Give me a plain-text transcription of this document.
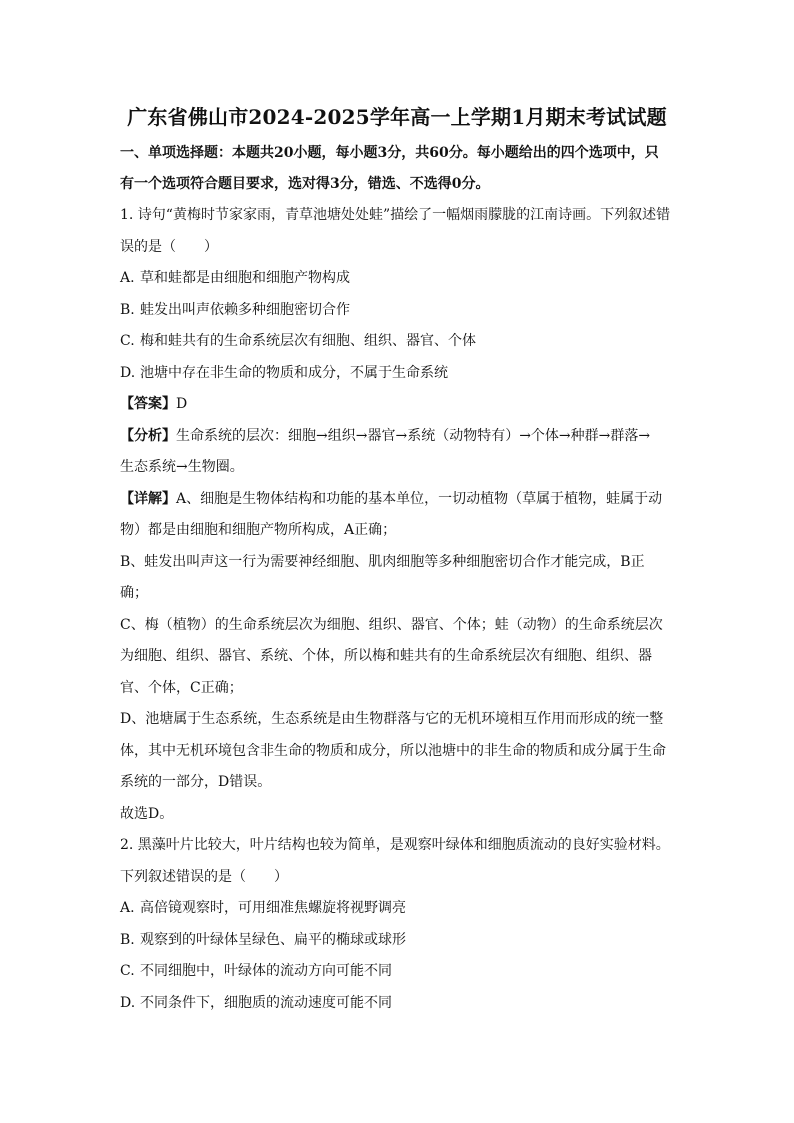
广东省佛山市2024-2025学年高一上学期1月期末考试试题
一、单项选择题：本题共20小题，每小题3分，共60分。每小题给出的四个选项中，只
有一个选项符合题目要求，选对得3分，错选、不选得0分。
1. 诗句“黄梅时节家家雨，青草池塘处处蛙”描绘了一幅烟雨朦胧的江南诗画。下列叙述错
误的是（　　）
A. 草和蛙都是由细胞和细胞产物构成
B. 蛙发出叫声依赖多种细胞密切合作
C. 梅和蛙共有的生命系统层次有细胞、组织、器官、个体
D. 池塘中存在非生命的物质和成分，不属于生命系统
【答案】D
【分析】生命系统的层次：细胞→组织→器官→系统（动物特有）→个体→种群→群落→
生态系统→生物圈。
【详解】A、细胞是生物体结构和功能的基本单位，一切动植物（草属于植物，蛙属于动
物）都是由细胞和细胞产物所构成，A正确；
B、蛙发出叫声这一行为需要神经细胞、肌肉细胞等多种细胞密切合作才能完成，B正
确；
C、梅（植物）的生命系统层次为细胞、组织、器官、个体；蛙（动物）的生命系统层次
为细胞、组织、器官、系统、个体，所以梅和蛙共有的生命系统层次有细胞、组织、器
官、个体，C正确；
D、池塘属于生态系统，生态系统是由生物群落与它的无机环境相互作用而形成的统一整
体，其中无机环境包含非生命的物质和成分，所以池塘中的非生命的物质和成分属于生命
系统的一部分，D错误。
故选D。
2. 黑藻叶片比较大，叶片结构也较为简单，是观察叶绿体和细胞质流动的良好实验材料。
下列叙述错误的是（　　）
A. 高倍镜观察时，可用细准焦螺旋将视野调亮
B. 观察到的叶绿体呈绿色、扁平的椭球或球形
C. 不同细胞中，叶绿体的流动方向可能不同
D. 不同条件下，细胞质的流动速度可能不同
